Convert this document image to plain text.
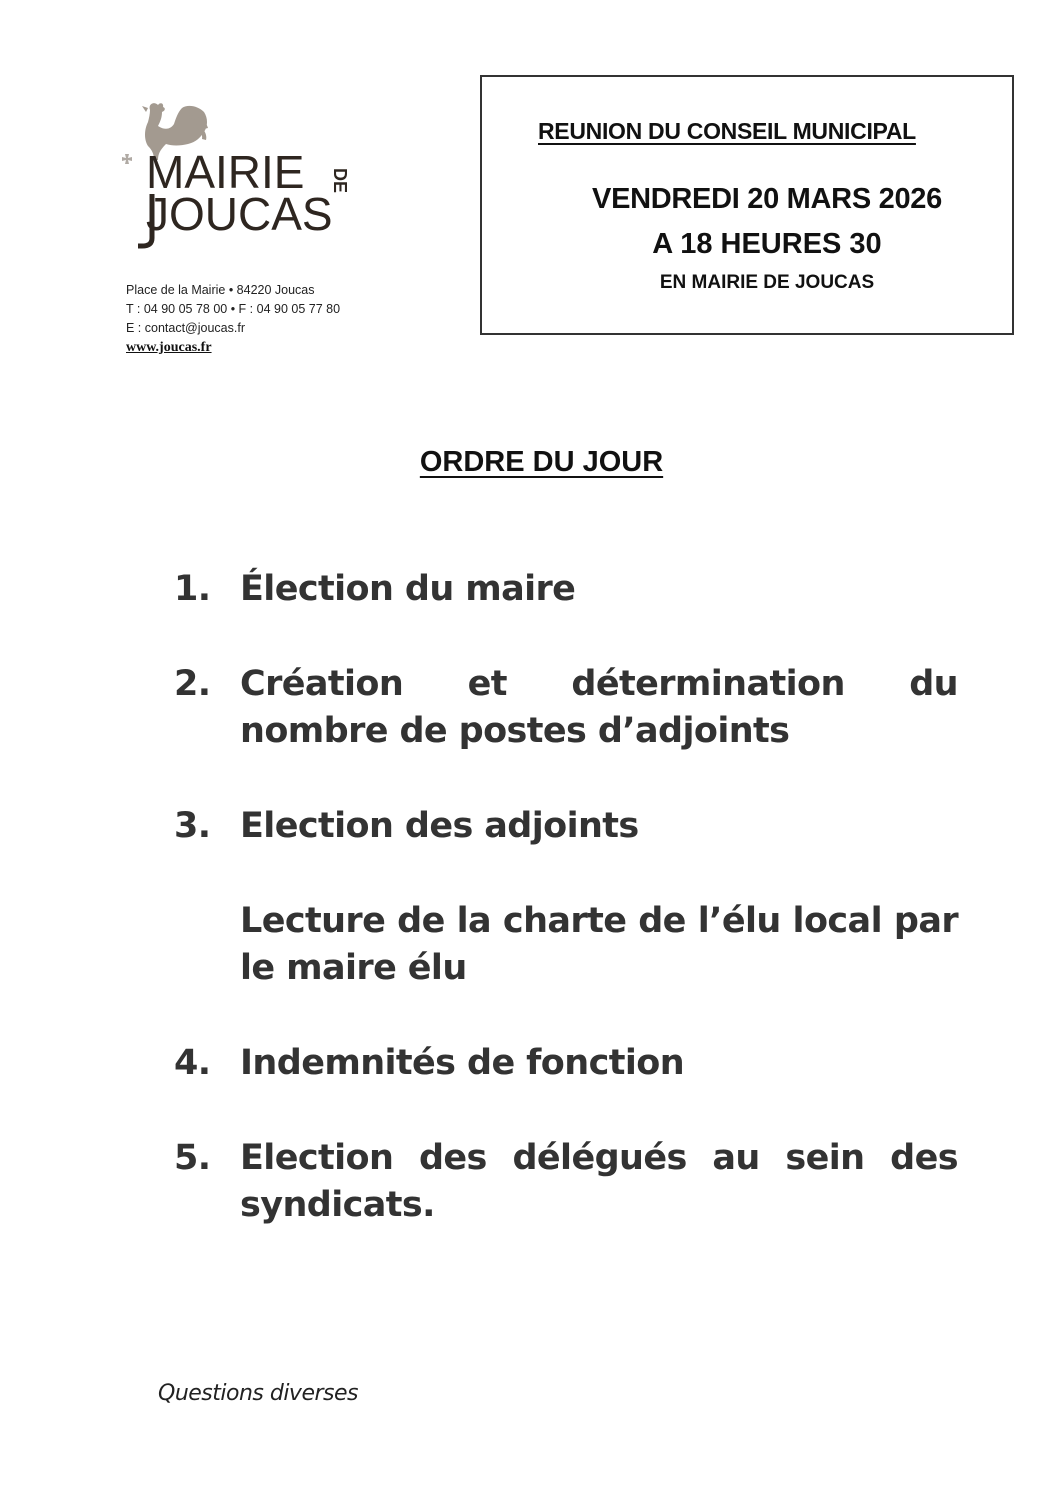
MAIRIE
JOUCAS
DE
Place de la Mairie • 84220 Joucas
T : 04 90 05 78 00 • F : 04 90 05 77 80
E : contact@joucas.fr
www.joucas.fr
REUNION DU CONSEIL MUNICIPAL
VENDREDI 20 MARS 2026
A 18 HEURES 30
EN MAIRIE DE JOUCAS
ORDRE DU JOUR
1. Élection du maire
2. Création et détermination du nombre de postes d’adjoints
3. Election des adjoints
Lecture de la charte de l’élu local par le maire élu
4. Indemnités de fonction
5. Election des délégués au sein des syndicats.
Questions diverses
